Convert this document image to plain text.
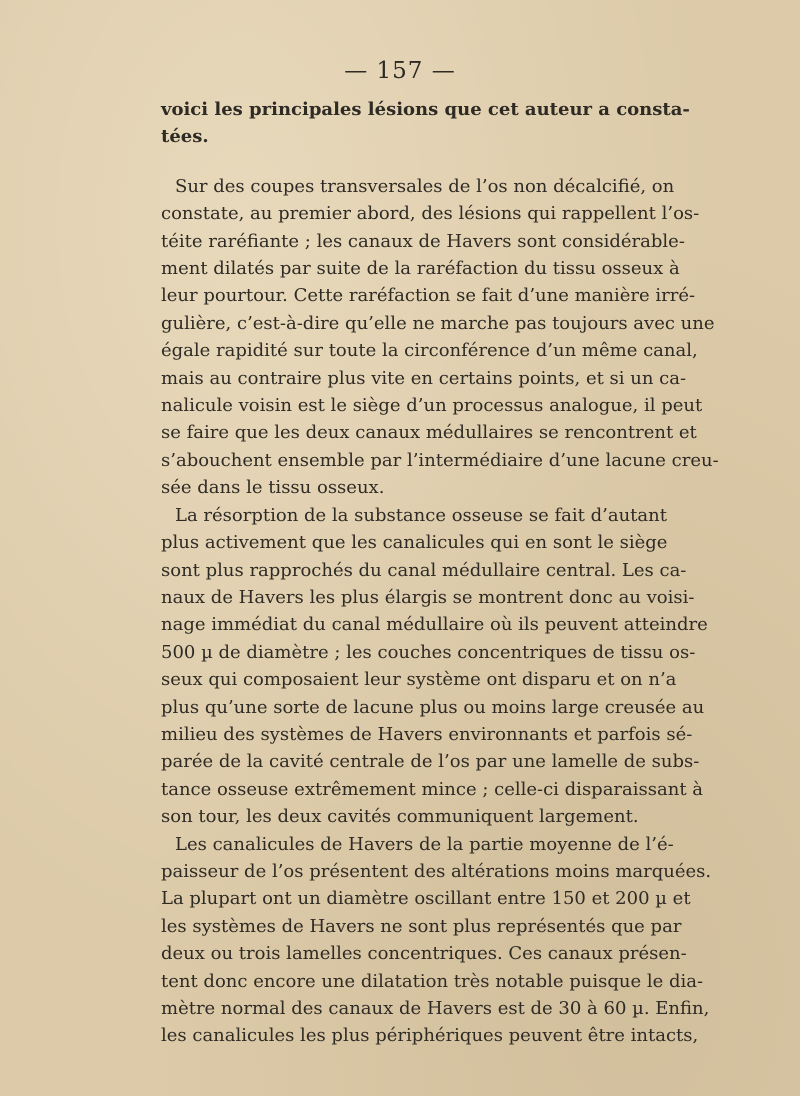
— 157 —
voici les principales lésions que cet auteur a consta-
tées.
Sur des coupes transversales de l’os non décalcifié, on
constate, au premier abord, des lésions qui rappellent l’os-
téite raréfiante ; les canaux de Havers sont considérable-
ment dilatés par suite de la raréfaction du tissu osseux à
leur pourtour. Cette raréfaction se fait d’une manière irré-
gulière, c’est-à-dire qu’elle ne marche pas toujours avec une
égale rapidité sur toute la circonférence d’un même canal,
mais au contraire plus vite en certains points, et si un ca-
nalicule voisin est le siège d’un processus analogue, il peut
se faire que les deux canaux médullaires se rencontrent et
s’abouchent ensemble par l’intermédiaire d’une lacune creu-
sée dans le tissu osseux.
La résorption de la substance osseuse se fait d’autant
plus activement que les canalicules qui en sont le siège
sont plus rapprochés du canal médullaire central. Les ca-
naux de Havers les plus élargis se montrent donc au voisi-
nage immédiat du canal médullaire où ils peuvent atteindre
500 µ de diamètre ; les couches concentriques de tissu os-
seux qui composaient leur système ont disparu et on n’a
plus qu’une sorte de lacune plus ou moins large creusée au
milieu des systèmes de Havers environnants et parfois sé-
parée de la cavité centrale de l’os par une lamelle de subs-
tance osseuse extrêmement mince ; celle-ci disparaissant à
son tour, les deux cavités communiquent largement.
Les canalicules de Havers de la partie moyenne de l’é-
paisseur de l’os présentent des altérations moins marquées.
La plupart ont un diamètre oscillant entre 150 et 200 µ et
les systèmes de Havers ne sont plus représentés que par
deux ou trois lamelles concentriques. Ces canaux présen-
tent donc encore une dilatation très notable puisque le dia-
mètre normal des canaux de Havers est de 30 à 60 µ. Enfin,
les canalicules les plus périphériques peuvent être intacts,
